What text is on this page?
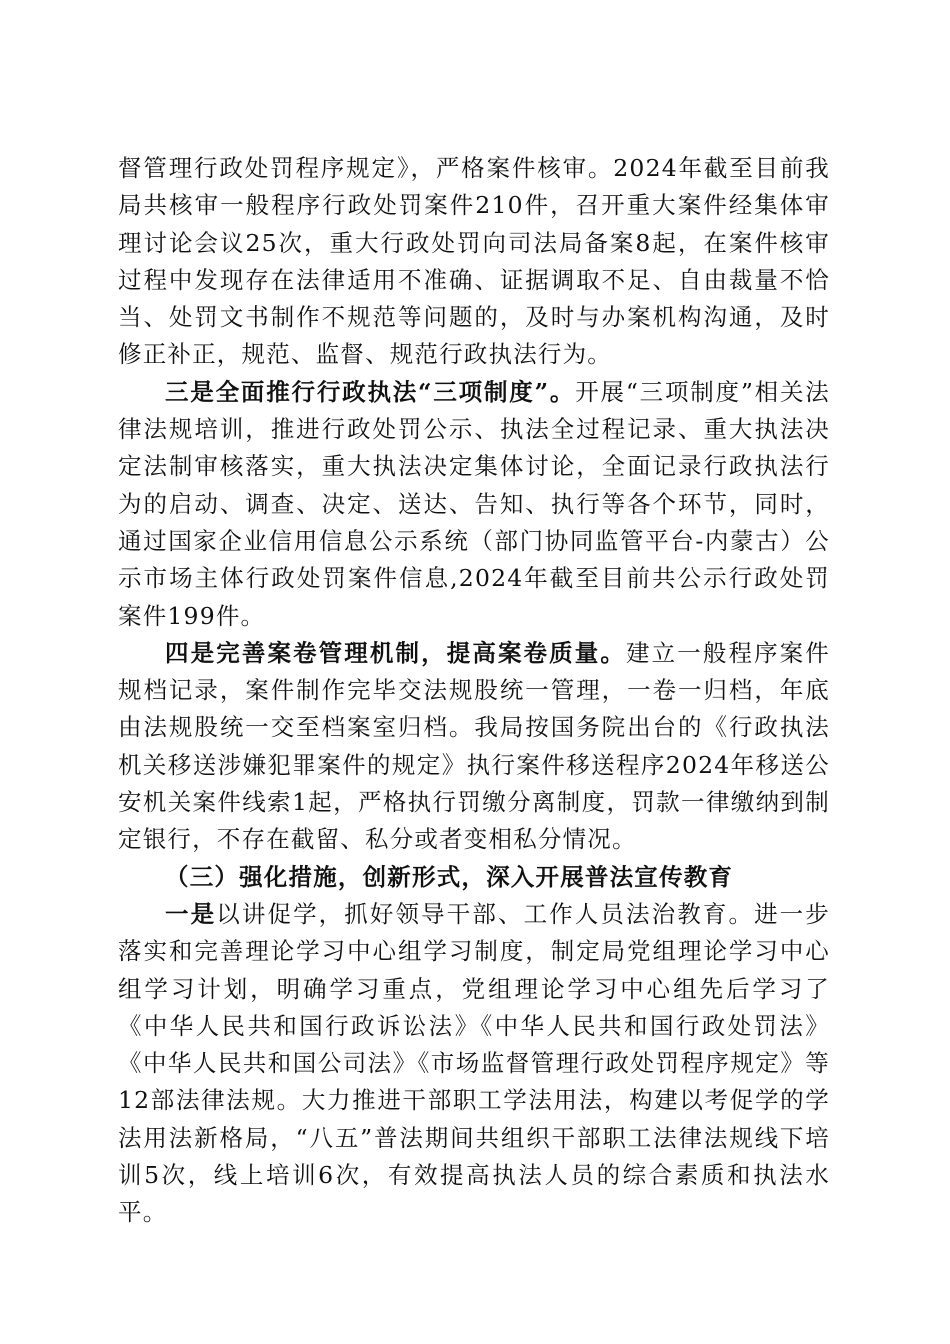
督管理行政处罚程序规定》，严格案件核审。2024年截至目前我局共核审一般程序行政处罚案件210件，召开重大案件经集体审理讨论会议25次，重大行政处罚向司法局备案8起，在案件核审过程中发现存在法律适用不准确、证据调取不足、自由裁量不恰当、处罚文书制作不规范等问题的，及时与办案机构沟通，及时修正补正，规范、监督、规范行政执法行为。

三是全面推行行政执法“三项制度”。开展“三项制度”相关法律法规培训，推进行政处罚公示、执法全过程记录、重大执法决定法制审核落实，重大执法决定集体讨论，全面记录行政执法行为的启动、调查、决定、送达、告知、执行等各个环节，同时，通过国家企业信用信息公示系统（部门协同监管平台-内蒙古）公示市场主体行政处罚案件信息,2024年截至目前共公示行政处罚案件199件。

四是完善案卷管理机制，提高案卷质量。建立一般程序案件规档记录，案件制作完毕交法规股统一管理，一卷一归档，年底由法规股统一交至档案室归档。我局按国务院出台的《行政执法机关移送涉嫌犯罪案件的规定》执行案件移送程序2024年移送公安机关案件线索1起，严格执行罚缴分离制度，罚款一律缴纳到制定银行，不存在截留、私分或者变相私分情况。

（三）强化措施，创新形式，深入开展普法宣传教育

一是以讲促学，抓好领导干部、工作人员法治教育。进一步落实和完善理论学习中心组学习制度，制定局党组理论学习中心组学习计划，明确学习重点，党组理论学习中心组先后学习了《中华人民共和国行政诉讼法》《中华人民共和国行政处罚法》《中华人民共和国公司法》《市场监督管理行政处罚程序规定》等12部法律法规。大力推进干部职工学法用法，构建以考促学的学法用法新格局，“八五”普法期间共组织干部职工法律法规线下培训5次，线上培训6次，有效提高执法人员的综合素质和执法水平。
